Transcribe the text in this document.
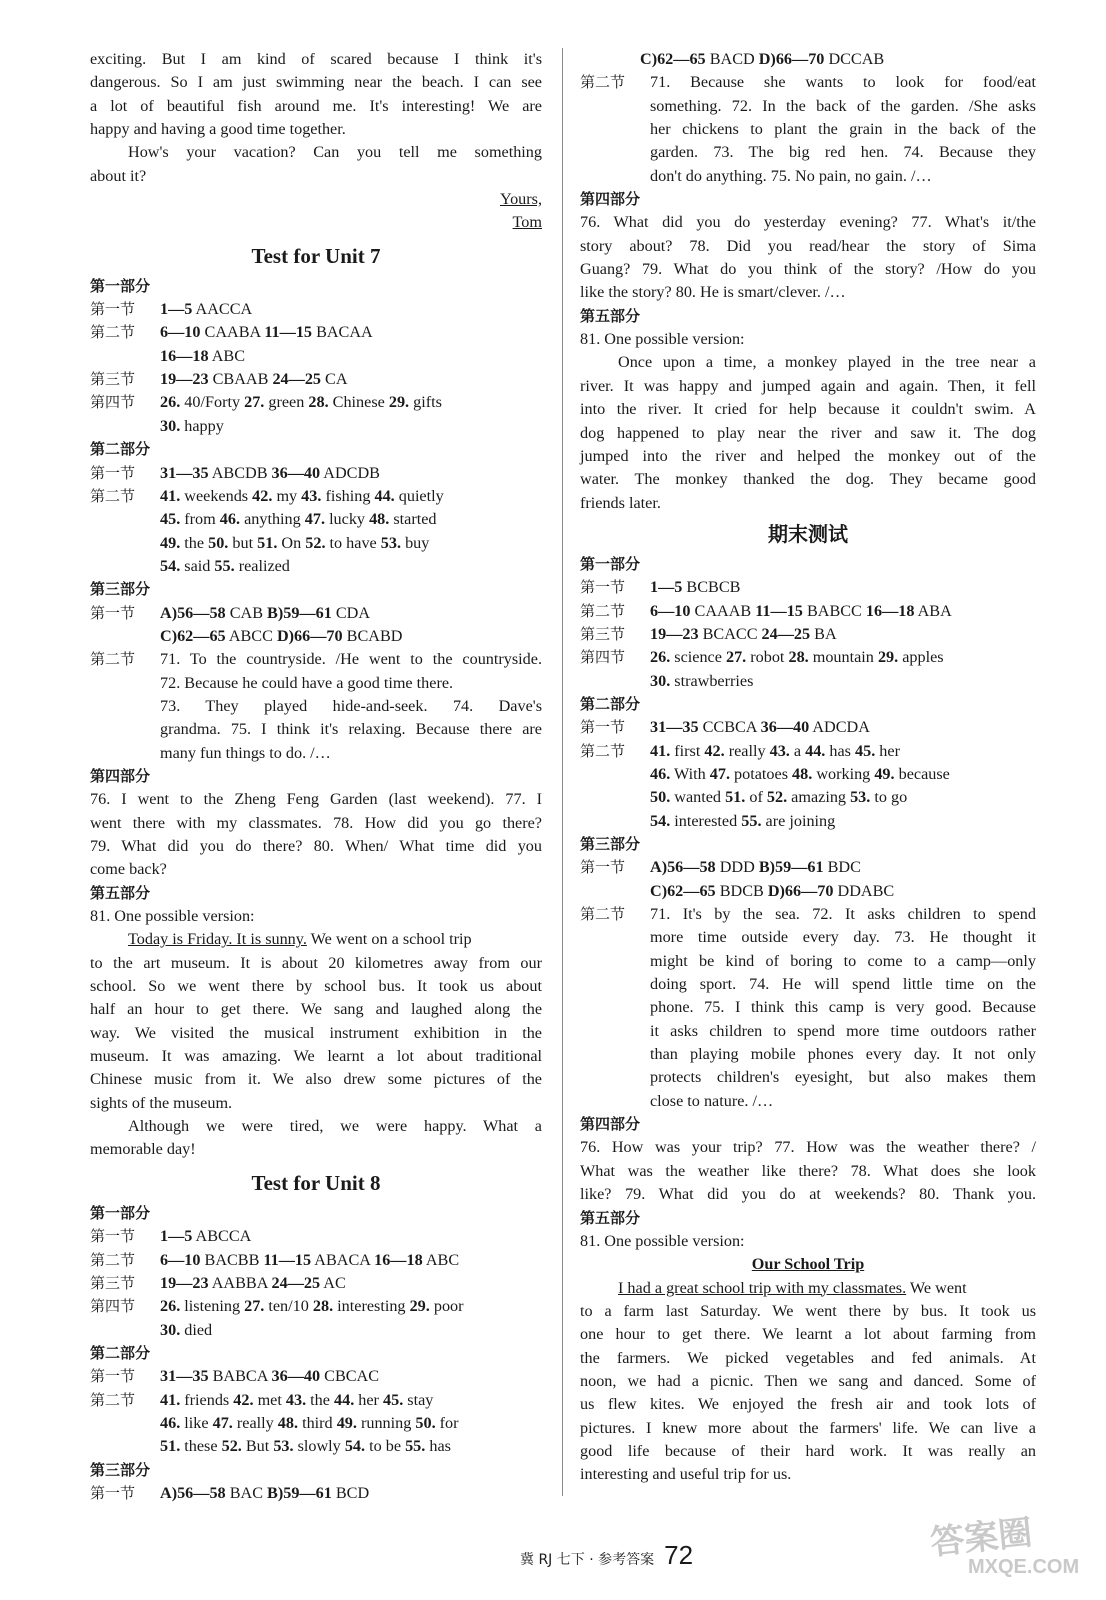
exciting. But I am kind of scared because I think it's
dangerous. So I am just swimming near the beach. I can see
a lot of beautiful fish around me. It's interesting! We are
happy and having a good time together.
How's your vacation? Can you tell me something
about it?
Yours,
Tom
Test for Unit 7
第一部分
第一节	1—5 AACCA
第二节	6—10 CAABA 11—15 BACAA
16—18 ABC
第三节	19—23 CBAAB 24—25 CA
第四节	26. 40/Forty 27. green 28. Chinese 29. gifts
30. happy
第二部分
第一节	31—35 ABCDB 36—40 ADCDB
第二节	41. weekends 42. my 43. fishing 44. quietly
45. from 46. anything 47. lucky 48. started
49. the 50. but 51. On 52. to have 53. buy
54. said 55. realized
第三部分
第一节	A)56—58 CAB B)59—61 CDA
C)62—65 ABCC D)66—70 BCABD
第二节	71. To the countryside. /He went to the countryside.
72. Because he could have a good time there.
73. They played hide-and-seek. 74. Dave's
grandma. 75. I think it's relaxing. Because there are
many fun things to do. /…
第四部分
76. I went to the Zheng Feng Garden (last weekend). 77. I
went there with my classmates. 78. How did you go there?
79. What did you do there? 80. When/ What time did you
come back?
第五部分
81. One possible version:
Today is Friday. It is sunny. We went on a school trip
to the art museum. It is about 20 kilometres away from our
school. So we went there by school bus. It took us about
half an hour to get there. We sang and laughed along the
way. We visited the musical instrument exhibition in the
museum. It was amazing. We learnt a lot about traditional
Chinese music from it. We also drew some pictures of the
sights of the museum.
Although we were tired, we were happy. What a
memorable day!
Test for Unit 8
第一部分
第一节	1—5 ABCCA
第二节	6—10 BACBB 11—15 ABACA 16—18 ABC
第三节	19—23 AABBA 24—25 AC
第四节	26. listening 27. ten/10 28. interesting 29. poor
30. died
第二部分
第一节	31—35 BABCA 36—40 CBCAC
第二节	41. friends 42. met 43. the 44. her 45. stay
46. like 47. really 48. third 49. running 50. for
51. these 52. But 53. slowly 54. to be 55. has
第三部分
第一节	A)56—58 BAC B)59—61 BCD
C)62—65 BACD D)66—70 DCCAB
第二节	71. Because she wants to look for food/eat
something. 72. In the back of the garden. /She asks
her chickens to plant the grain in the back of the
garden. 73. The big red hen. 74. Because they
don't do anything. 75. No pain, no gain. /…
第四部分
76. What did you do yesterday evening? 77. What's it/the
story about? 78. Did you read/hear the story of Sima
Guang? 79. What do you think of the story? /How do you
like the story? 80. He is smart/clever. /…
第五部分
81. One possible version:
Once upon a time, a monkey played in the tree near a
river. It was happy and jumped again and again. Then, it fell
into the river. It cried for help because it couldn't swim. A
dog happened to play near the river and saw it. The dog
jumped into the river and helped the monkey out of the
water. The monkey thanked the dog. They became good
friends later.
期末测试
第一部分
第一节	1—5 BCBCB
第二节	6—10 CAAAB 11—15 BABCC 16—18 ABA
第三节	19—23 BCACC 24—25 BA
第四节	26. science 27. robot 28. mountain 29. apples
30. strawberries
第二部分
第一节	31—35 CCBCA 36—40 ADCDA
第二节	41. first 42. really 43. a 44. has 45. her
46. With 47. potatoes 48. working 49. because
50. wanted 51. of 52. amazing 53. to go
54. interested 55. are joining
第三部分
第一节	A)56—58 DDD B)59—61 BDC
C)62—65 BDCB D)66—70 DDABC
第二节	71. It's by the sea. 72. It asks children to spend
more time outside every day. 73. He thought it
might be kind of boring to come to a camp—only
doing sport. 74. He will spend little time on the
phone. 75. I think this camp is very good. Because
it asks children to spend more time outdoors rather
than playing mobile phones every day. It not only
protects children's eyesight, but also makes them
close to nature. /…
第四部分
76. How was your trip? 77. How was the weather there? /
What was the weather like there? 78. What does she look
like? 79. What did you do at weekends? 80. Thank you.
第五部分
81. One possible version:
Our School Trip
I had a great school trip with my classmates. We went
to a farm last Saturday. We went there by bus. It took us
one hour to get there. We learnt a lot about farming from
the farmers. We picked vegetables and fed animals. At
noon, we had a picnic. Then we sang and danced. Some of
us flew kites. We enjoyed the fresh air and took lots of
pictures. I knew more about the farmers' life. We can live a
good life because of their hard work. It was really an
interesting and useful trip for us.
冀 RJ 七下 · 参考答案 72	答案圈
MXQE.COM
